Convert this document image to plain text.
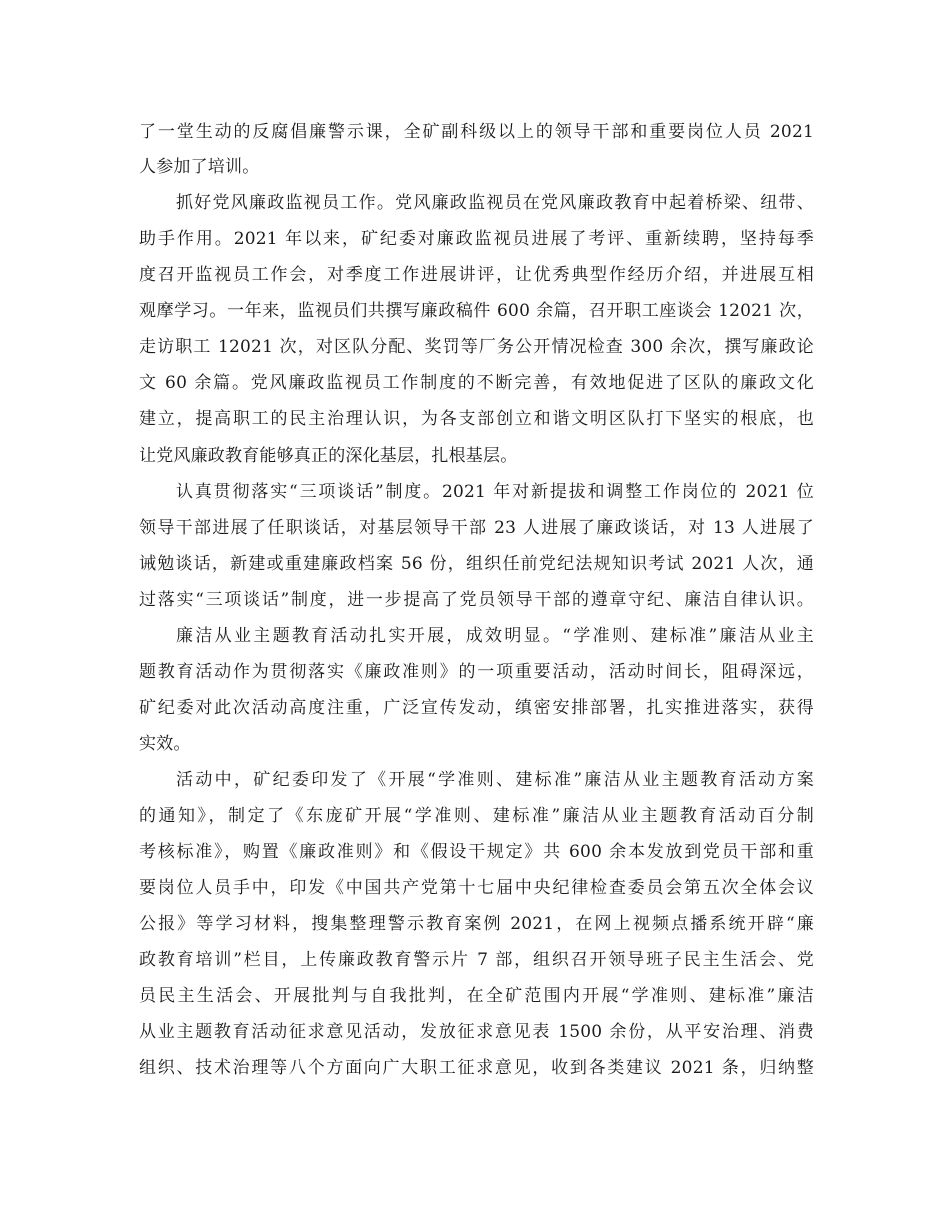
了一堂生动的反腐倡廉警示课，全矿副科级以上的领导干部和重要岗位人员 2021
人参加了培训。
抓好党风廉政监视员工作。党风廉政监视员在党风廉政教育中起着桥梁、纽带、
助手作用。2021 年以来，矿纪委对廉政监视员进展了考评、重新续聘，坚持每季
度召开监视员工作会，对季度工作进展讲评，让优秀典型作经历介绍，并进展互相
观摩学习。一年来，监视员们共撰写廉政稿件 600 余篇，召开职工座谈会 12021 次，
走访职工 12021 次，对区队分配、奖罚等厂务公开情况检查 300 余次，撰写廉政论
文 60 余篇。党风廉政监视员工作制度的不断完善，有效地促进了区队的廉政文化
建立，提高职工的民主治理认识，为各支部创立和谐文明区队打下坚实的根底，也
让党风廉政教育能够真正的深化基层，扎根基层。
认真贯彻落实“三项谈话”制度。2021 年对新提拔和调整工作岗位的 2021 位
领导干部进展了任职谈话，对基层领导干部 23 人进展了廉政谈话，对 13 人进展了
诫勉谈话，新建或重建廉政档案 56 份，组织任前党纪法规知识考试 2021 人次，通
过落实“三项谈话”制度，进一步提高了党员领导干部的遵章守纪、廉洁自律认识。
廉洁从业主题教育活动扎实开展，成效明显。“学准则、建标准”廉洁从业主
题教育活动作为贯彻落实《廉政准则》的一项重要活动，活动时间长，阻碍深远，
矿纪委对此次活动高度注重，广泛宣传发动，缜密安排部署，扎实推进落实，获得
实效。
活动中，矿纪委印发了《开展“学准则、建标准”廉洁从业主题教育活动方案
的通知》，制定了《东庞矿开展“学准则、建标准”廉洁从业主题教育活动百分制
考核标准》，购置《廉政准则》和《假设干规定》共 600 余本发放到党员干部和重
要岗位人员手中，印发《中国共产党第十七届中央纪律检查委员会第五次全体会议
公报》等学习材料，搜集整理警示教育案例 2021，在网上视频点播系统开辟“廉
政教育培训”栏目，上传廉政教育警示片 7 部，组织召开领导班子民主生活会、党
员民主生活会、开展批判与自我批判，在全矿范围内开展“学准则、建标准”廉洁
从业主题教育活动征求意见活动，发放征求意见表 1500 余份，从平安治理、消费
组织、技术治理等八个方面向广大职工征求意见，收到各类建议 2021 条，归纳整
